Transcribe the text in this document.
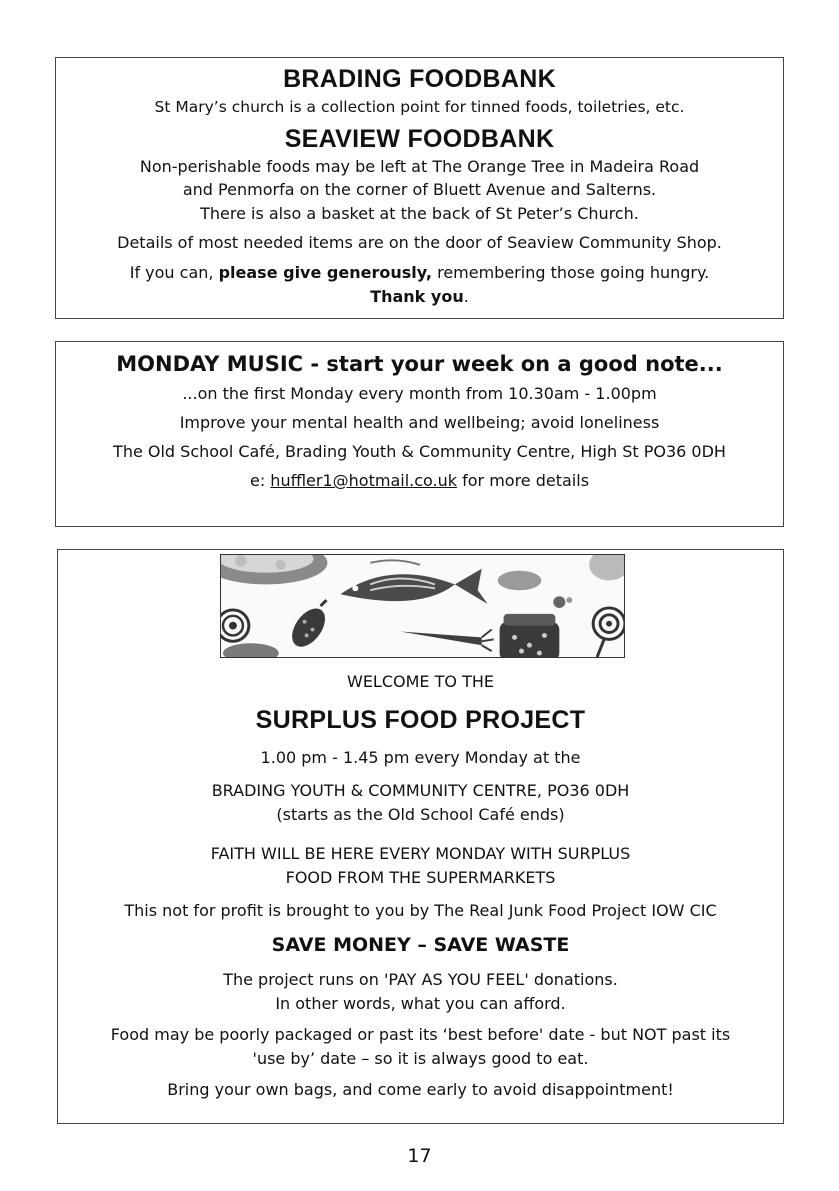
BRADING FOODBANK
St Mary’s church is a collection point for tinned foods, toiletries, etc.
SEAVIEW FOODBANK
Non-perishable foods may be left at The Orange Tree in Madeira Road
and Penmorfa on the corner of Bluett Avenue and Salterns.
There is also a basket at the back of St Peter’s Church.
Details of most needed items are on the door of Seaview Community Shop.
If you can, please give generously, remembering those going hungry.
Thank you.
MONDAY MUSIC - start your week on a good note...
...on the first Monday every month from 10.30am - 1.00pm
Improve your mental health and wellbeing; avoid loneliness
The Old School Café, Brading Youth & Community Centre, High St PO36 0DH
e: huffler1@hotmail.co.uk for more details
WELCOME TO THE
SURPLUS FOOD PROJECT
1.00 pm - 1.45 pm every Monday at the
BRADING YOUTH & COMMUNITY CENTRE, PO36 0DH
(starts as the Old School Café ends)
FAITH WILL BE HERE EVERY MONDAY WITH SURPLUS
FOOD FROM THE SUPERMARKETS
This not for profit is brought to you by The Real Junk Food Project IOW CIC
SAVE MONEY – SAVE WASTE
The project runs on 'PAY AS YOU FEEL' donations.
In other words, what you can afford.
Food may be poorly packaged or past its ‘best before' date - but NOT past its
'use by’ date – so it is always good to eat.
Bring your own bags, and come early to avoid disappointment!
17
